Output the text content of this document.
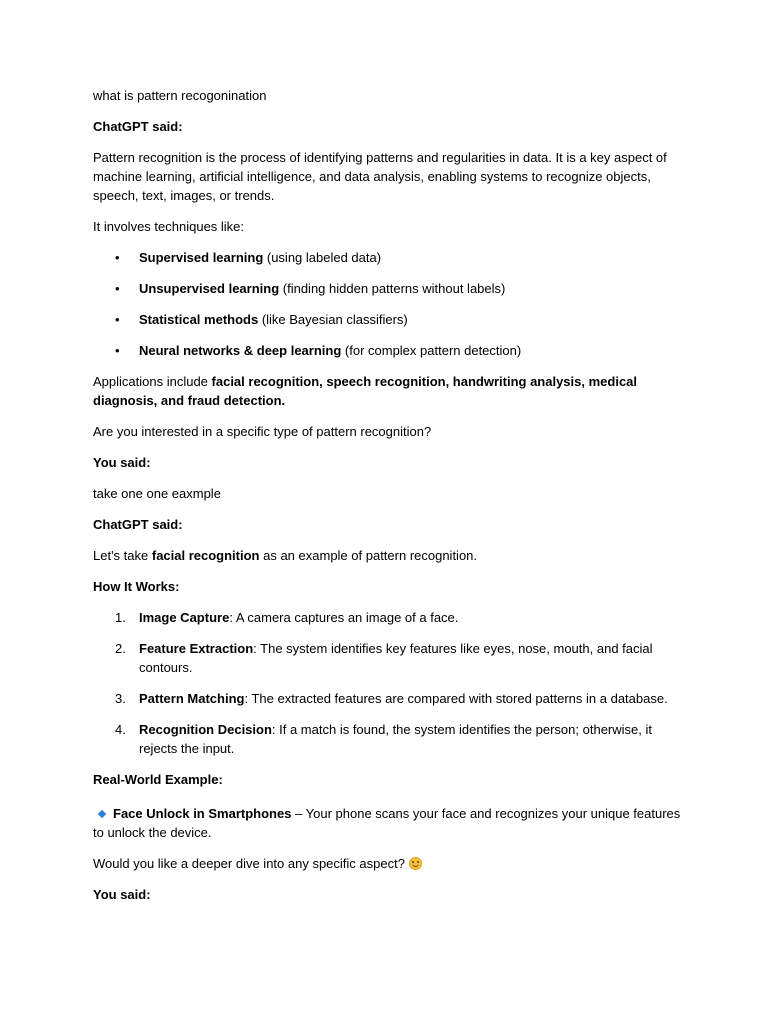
what is pattern recogonination

ChatGPT said:

Pattern recognition is the process of identifying patterns and regularities in data. It is a key aspect of machine learning, artificial intelligence, and data analysis, enabling systems to recognize objects, speech, text, images, or trends.

It involves techniques like:

• Supervised learning (using labeled data)
• Unsupervised learning (finding hidden patterns without labels)
• Statistical methods (like Bayesian classifiers)
• Neural networks & deep learning (for complex pattern detection)

Applications include facial recognition, speech recognition, handwriting analysis, medical diagnosis, and fraud detection.

Are you interested in a specific type of pattern recognition?

You said:

take one one eaxmple

ChatGPT said:

Let's take facial recognition as an example of pattern recognition.

How It Works:

1. Image Capture: A camera captures an image of a face.
2. Feature Extraction: The system identifies key features like eyes, nose, mouth, and facial contours.
3. Pattern Matching: The extracted features are compared with stored patterns in a database.
4. Recognition Decision: If a match is found, the system identifies the person; otherwise, it rejects the input.

Real-World Example:

Face Unlock in Smartphones – Your phone scans your face and recognizes your unique features to unlock the device.

Would you like a deeper dive into any specific aspect?

You said:
